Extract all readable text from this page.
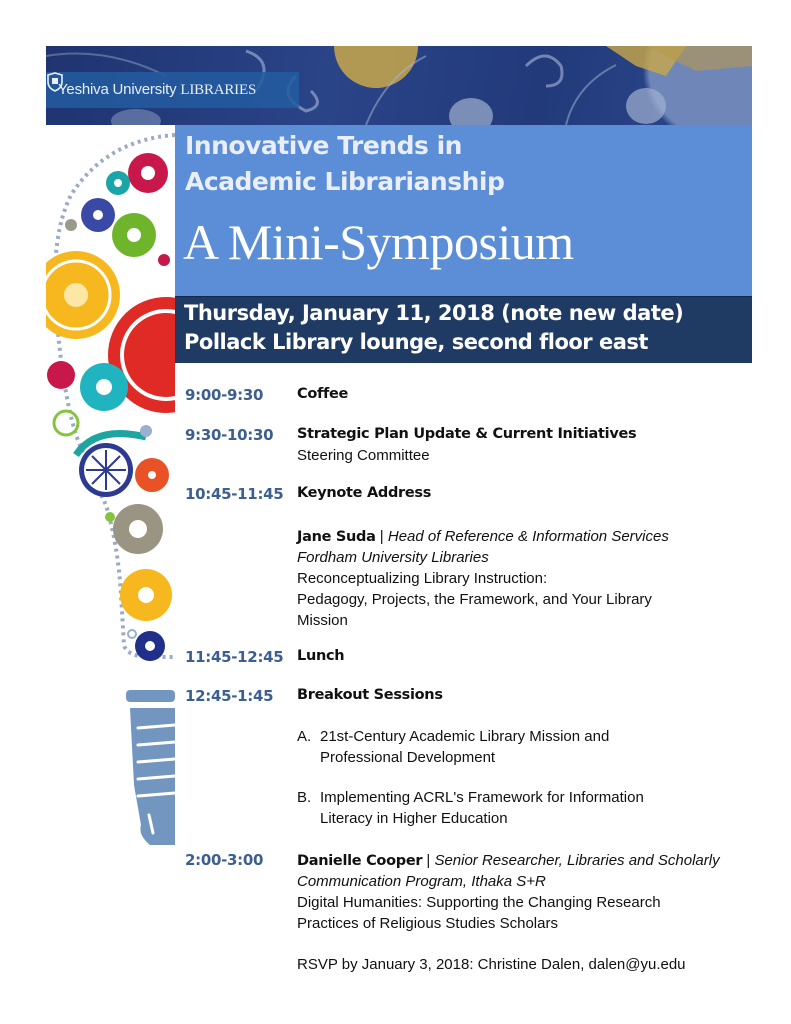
Yeshiva University LIBRARIES
Innovative Trends in
Academic Librarianship
A Mini-Symposium
Thursday, January 11, 2018 (note new date)
Pollack Library lounge, second floor east
9:00-9:30 Coffee
9:30-10:30 Strategic Plan Update & Current Initiatives
Steering Committee
10:45-11:45 Keynote Address
Jane Suda | Head of Reference & Information Services
Fordham University Libraries
Reconceptualizing Library Instruction:
Pedagogy, Projects, the Framework, and Your Library
Mission
11:45-12:45 Lunch
12:45-1:45 Breakout Sessions
A. 21st-Century Academic Library Mission and
Professional Development
B. Implementing ACRL's Framework for Information
Literacy in Higher Education
2:00-3:00 Danielle Cooper | Senior Researcher, Libraries and Scholarly
Communication Program, Ithaka S+R
Digital Humanities: Supporting the Changing Research
Practices of Religious Studies Scholars
RSVP by January 3, 2018: Christine Dalen, dalen@yu.edu
